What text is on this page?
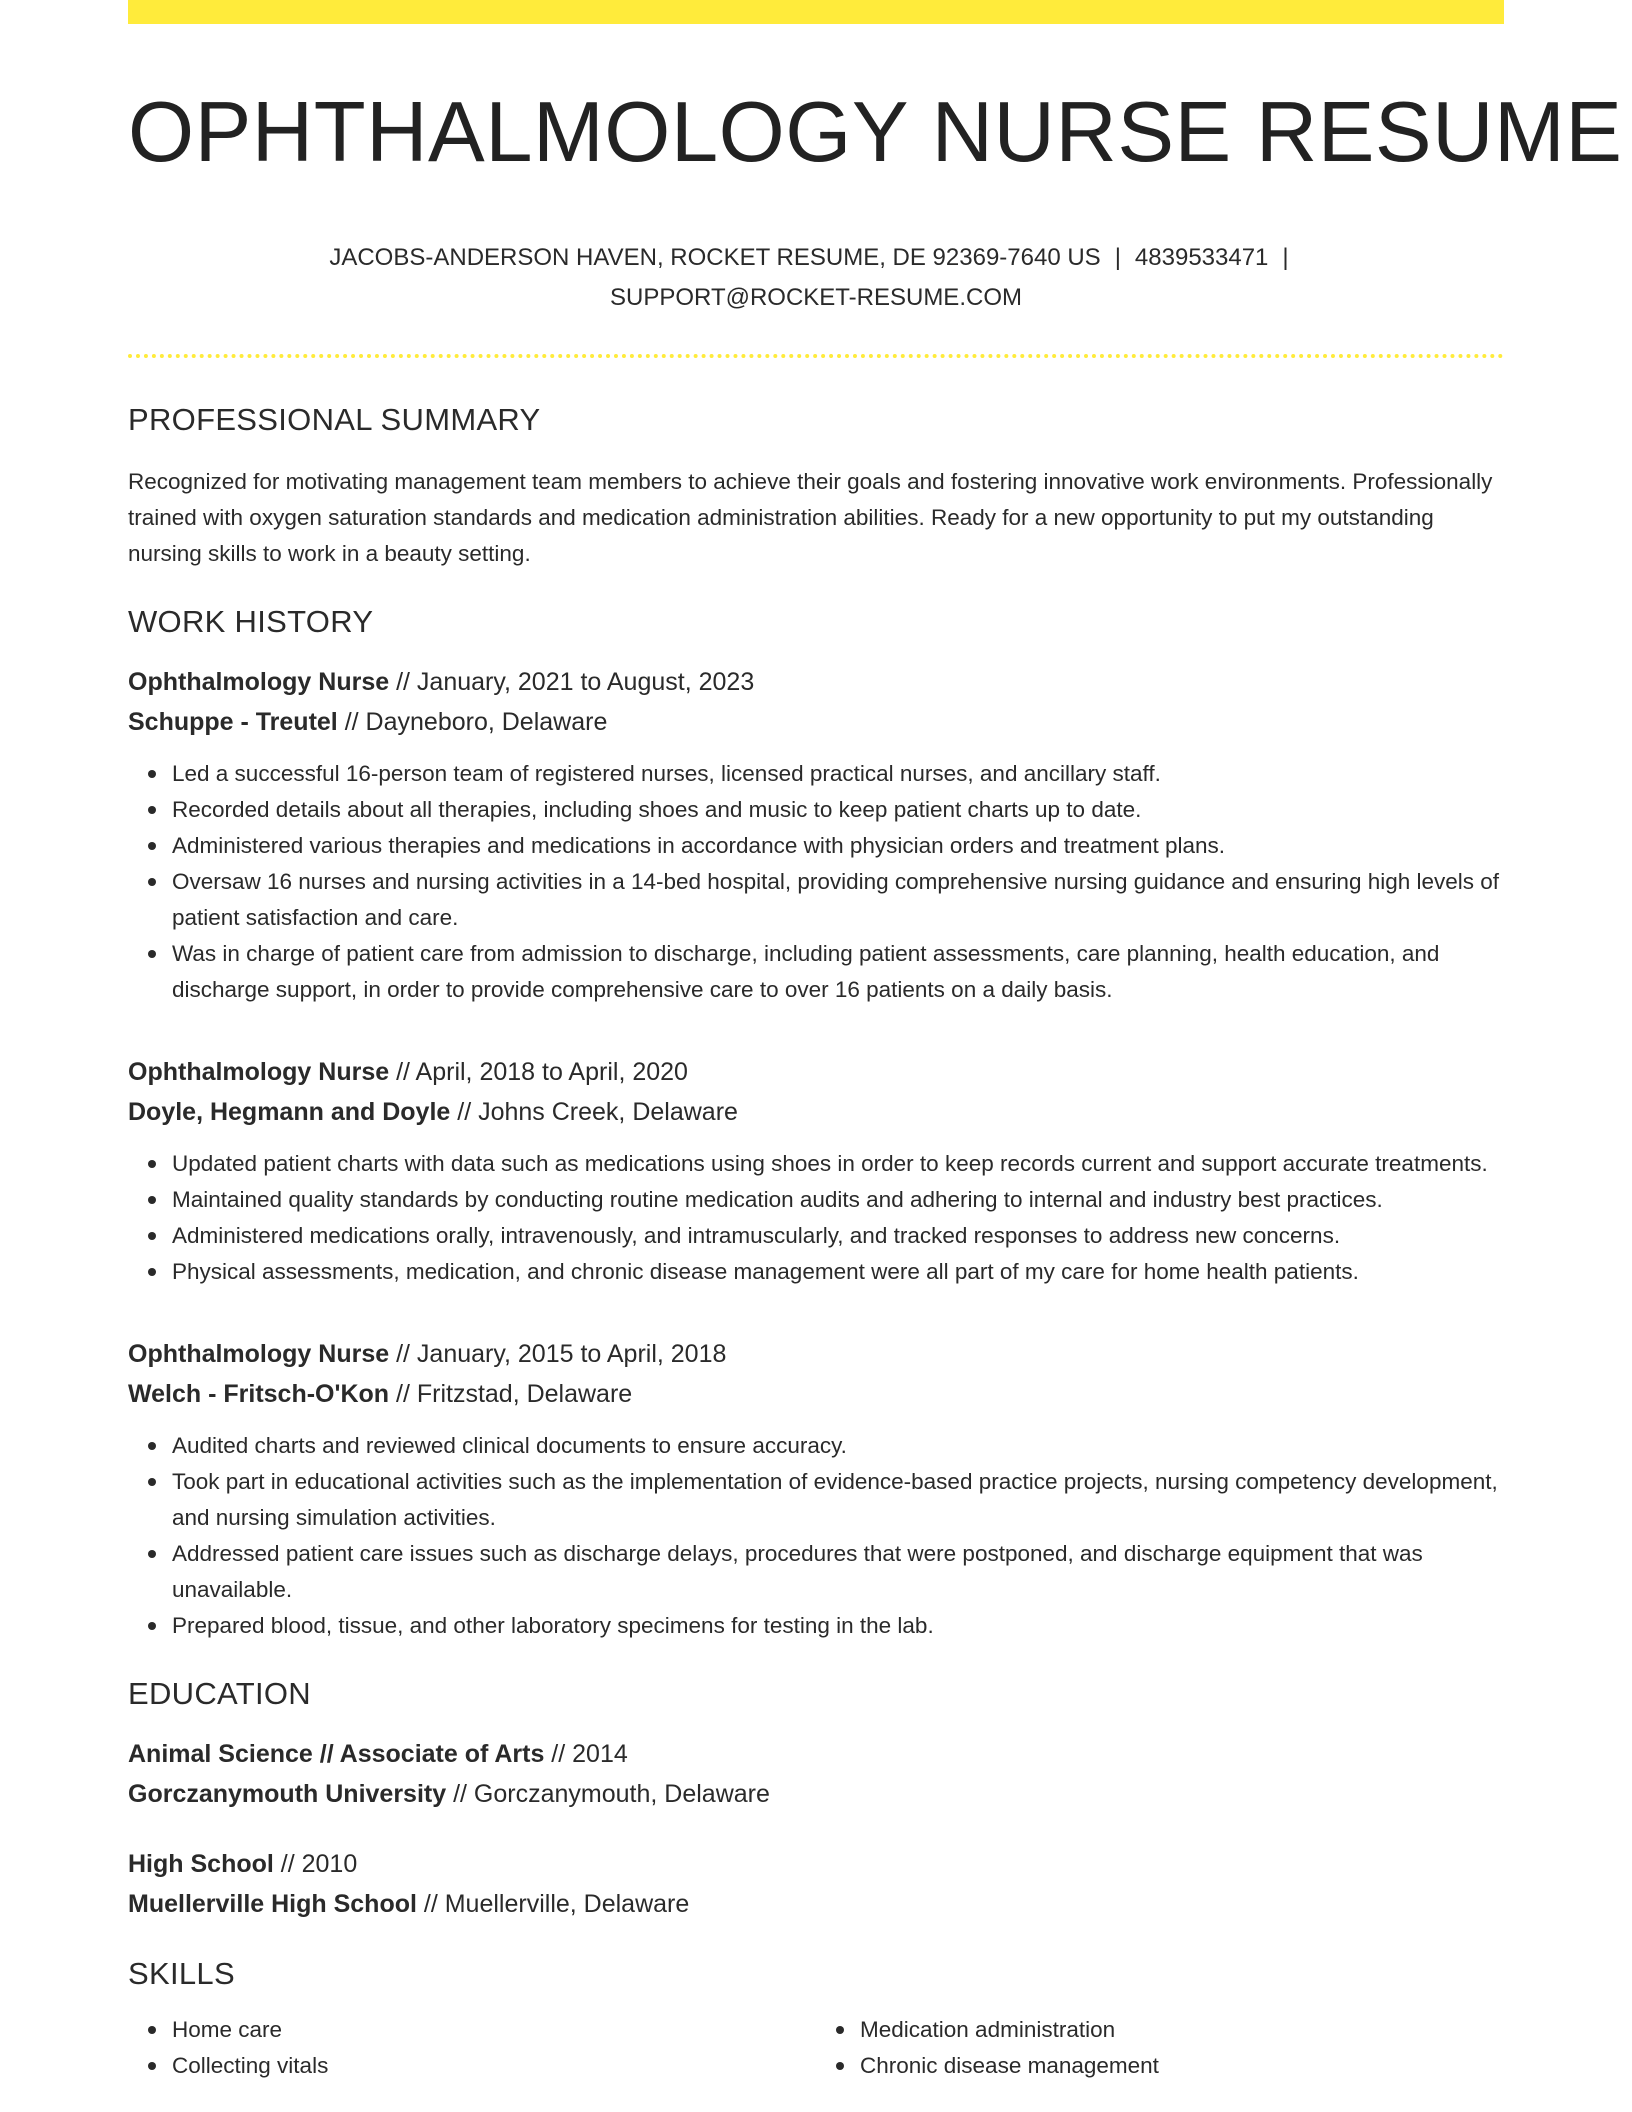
OPHTHALMOLOGY NURSE RESUME
JACOBS-ANDERSON HAVEN, ROCKET RESUME, DE 92369-7640 US | 4839533471 |
SUPPORT@ROCKET-RESUME.COM
PROFESSIONAL SUMMARY
Recognized for motivating management team members to achieve their goals and fostering innovative work environments. Professionally trained with oxygen saturation standards and medication administration abilities. Ready for a new opportunity to put my outstanding nursing skills to work in a beauty setting.
WORK HISTORY
Ophthalmology Nurse // January, 2021 to August, 2023
Schuppe - Treutel // Dayneboro, Delaware
Led a successful 16-person team of registered nurses, licensed practical nurses, and ancillary staff.
Recorded details about all therapies, including shoes and music to keep patient charts up to date.
Administered various therapies and medications in accordance with physician orders and treatment plans.
Oversaw 16 nurses and nursing activities in a 14-bed hospital, providing comprehensive nursing guidance and ensuring high levels of patient satisfaction and care.
Was in charge of patient care from admission to discharge, including patient assessments, care planning, health education, and discharge support, in order to provide comprehensive care to over 16 patients on a daily basis.
Ophthalmology Nurse // April, 2018 to April, 2020
Doyle, Hegmann and Doyle // Johns Creek, Delaware
Updated patient charts with data such as medications using shoes in order to keep records current and support accurate treatments.
Maintained quality standards by conducting routine medication audits and adhering to internal and industry best practices.
Administered medications orally, intravenously, and intramuscularly, and tracked responses to address new concerns.
Physical assessments, medication, and chronic disease management were all part of my care for home health patients.
Ophthalmology Nurse // January, 2015 to April, 2018
Welch - Fritsch-O'Kon // Fritzstad, Delaware
Audited charts and reviewed clinical documents to ensure accuracy.
Took part in educational activities such as the implementation of evidence-based practice projects, nursing competency development, and nursing simulation activities.
Addressed patient care issues such as discharge delays, procedures that were postponed, and discharge equipment that was unavailable.
Prepared blood, tissue, and other laboratory specimens for testing in the lab.
EDUCATION
Animal Science // Associate of Arts // 2014
Gorczanymouth University // Gorczanymouth, Delaware
High School // 2010
Muellerville High School // Muellerville, Delaware
SKILLS
Home care
Collecting vitals
Medication administration
Chronic disease management
